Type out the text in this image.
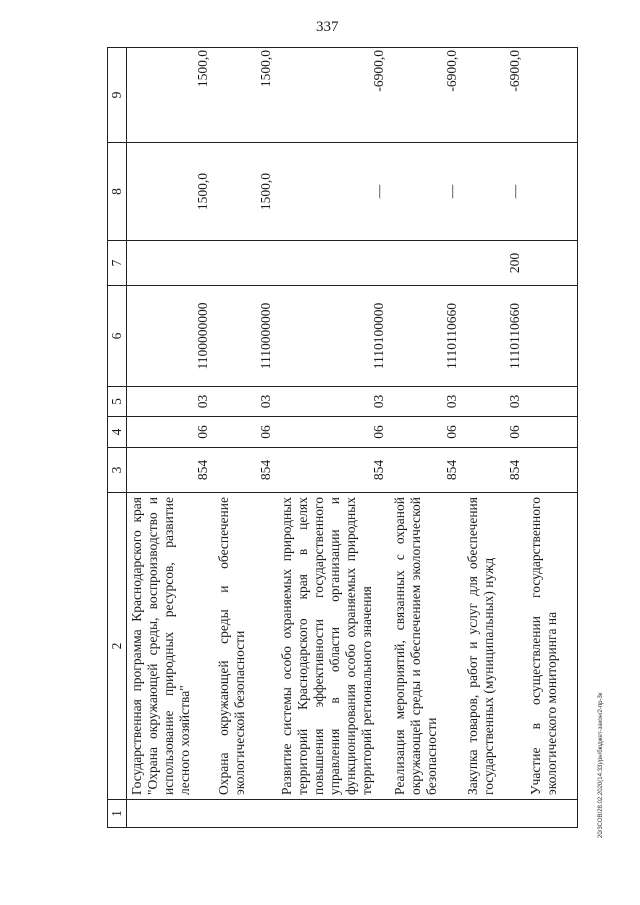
337
20/3СОВ/28.02.2020(14.33)/рн/бюджет-закон/2-пр-3к
1	2	3	4	5	6	7	8	9
	Государственная программа Краснодарского края "Охрана окружающей среды, воспроизводство и использование природных ресурсов, развитие лесного хозяйства"	854	06	03	1100000000		1500,0	1500,0
	Охрана окружающей среды и обеспечение экологической безопасности	854	06	03	1110000000		1500,0	1500,0
	Развитие системы особо охраняемых природных территорий Краснодарского края в целях повышения эффективности государственного управления в области организации и функционирования особо охраняемых природных территорий регионального значения	854	06	03	1110100000		—	-6900,0
	Реализация мероприятий, связанных с охраной окружающей среды и обеспечением экологической безопасности	854	06	03	1110110660		—	-6900,0
	Закупка товаров, работ и услуг для обеспечения государственных (муниципальных) нужд	854	06	03	1110110660	200	—	-6900,0
	Участие в осуществлении государственного экологического мониторинга на							
